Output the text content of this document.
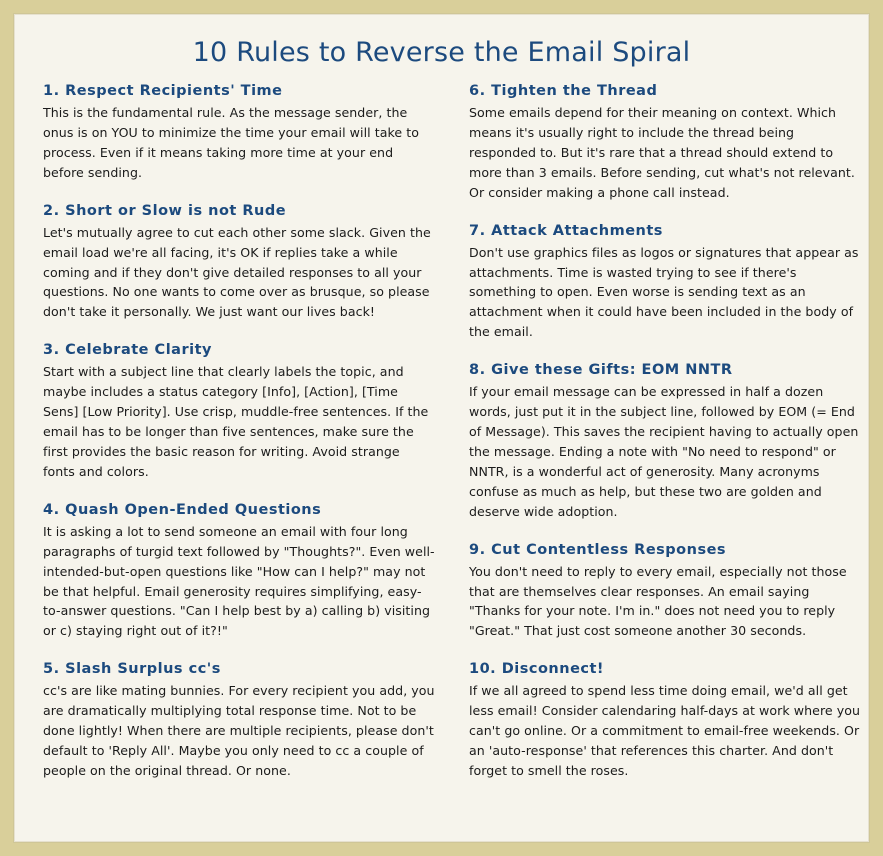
10 Rules to Reverse the Email Spiral

1. Respect Recipients' Time

This is the fundamental rule. As the message sender, the onus is on YOU to minimize the time your email will take to process. Even if it means taking more time at your end before sending.

2. Short or Slow is not Rude

Let's mutually agree to cut each other some slack. Given the email load we're all facing, it's OK if replies take a while coming and if they don't give detailed responses to all your questions. No one wants to come over as brusque, so please don't take it personally. We just want our lives back!

3. Celebrate Clarity

Start with a subject line that clearly labels the topic, and maybe includes a status category [Info], [Action], [Time Sens] [Low Priority]. Use crisp, muddle-free sentences. If the email has to be longer than five sentences, make sure the first provides the basic reason for writing. Avoid strange fonts and colors.

4. Quash Open-Ended Questions

It is asking a lot to send someone an email with four long paragraphs of turgid text followed by "Thoughts?". Even well-intended-but-open questions like "How can I help?" may not be that helpful. Email generosity requires simplifying, easy-to-answer questions. "Can I help best by a) calling b) visiting or c) staying right out of it?!"

5. Slash Surplus cc's

cc's are like mating bunnies. For every recipient you add, you are dramatically multiplying total response time. Not to be done lightly! When there are multiple recipients, please don't default to 'Reply All'. Maybe you only need to cc a couple of people on the original thread. Or none.

6. Tighten the Thread

Some emails depend for their meaning on context. Which means it's usually right to include the thread being responded to. But it's rare that a thread should extend to more than 3 emails. Before sending, cut what's not relevant. Or consider making a phone call instead.

7. Attack Attachments

Don't use graphics files as logos or signatures that appear as attachments. Time is wasted trying to see if there's something to open. Even worse is sending text as an attachment when it could have been included in the body of the email.

8. Give these Gifts: EOM NNTR

If your email message can be expressed in half a dozen words, just put it in the subject line, followed by EOM (= End of Message). This saves the recipient having to actually open the message. Ending a note with "No need to respond" or NNTR, is a wonderful act of generosity. Many acronyms confuse as much as help, but these two are golden and deserve wide adoption.

9. Cut Contentless Responses

You don't need to reply to every email, especially not those that are themselves clear responses. An email saying "Thanks for your note. I'm in." does not need you to reply "Great." That just cost someone another 30 seconds.

10. Disconnect!

If we all agreed to spend less time doing email, we'd all get less email! Consider calendaring half-days at work where you can't go online. Or a commitment to email-free weekends. Or an 'auto-response' that references this charter. And don't forget to smell the roses.
